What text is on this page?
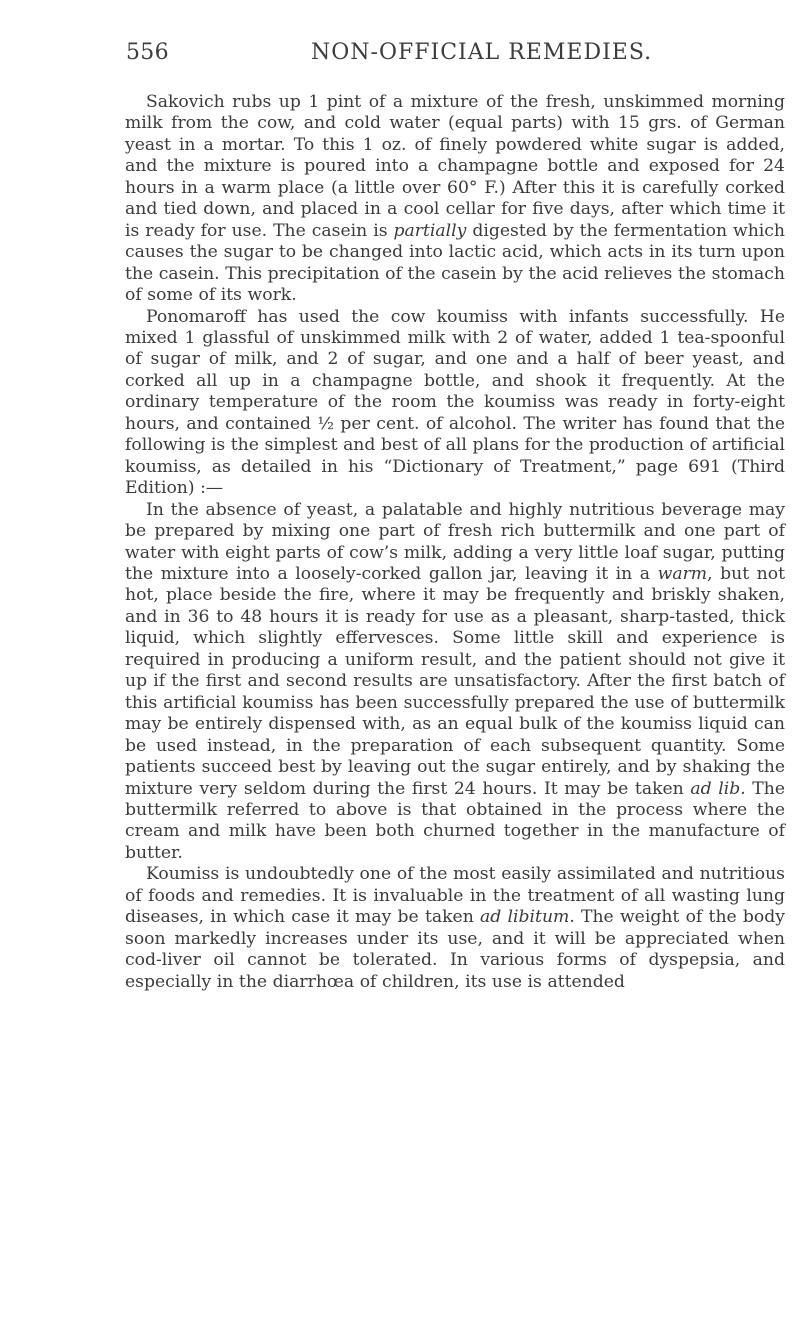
556	NON-OFFICIAL REMEDIES.

Sakovich rubs up 1 pint of a mixture of the fresh, unskimmed morning milk from the cow, and cold water (equal parts) with 15 grs. of German yeast in a mortar. To this 1 oz. of finely powdered white sugar is added, and the mixture is poured into a champagne bottle and exposed for 24 hours in a warm place (a little over 60° F.) After this it is carefully corked and tied down, and placed in a cool cellar for five days, after which time it is ready for use. The casein is partially digested by the fermentation which causes the sugar to be changed into lactic acid, which acts in its turn upon the casein. This precipitation of the casein by the acid relieves the stomach of some of its work.

Ponomaroff has used the cow koumiss with infants successfully. He mixed 1 glassful of unskimmed milk with 2 of water, added 1 tea-spoonful of sugar of milk, and 2 of sugar, and one and a half of beer yeast, and corked all up in a champagne bottle, and shook it frequently. At the ordinary temperature of the room the koumiss was ready in forty-eight hours, and contained ½ per cent. of alcohol. The writer has found that the following is the simplest and best of all plans for the production of artificial koumiss, as detailed in his “Dictionary of Treatment,” page 691 (Third Edition) :—

In the absence of yeast, a palatable and highly nutritious beverage may be prepared by mixing one part of fresh rich buttermilk and one part of water with eight parts of cow’s milk, adding a very little loaf sugar, putting the mixture into a loosely-corked gallon jar, leaving it in a warm, but not hot, place beside the fire, where it may be frequently and briskly shaken, and in 36 to 48 hours it is ready for use as a pleasant, sharp-tasted, thick liquid, which slightly effervesces. Some little skill and experience is required in producing a uniform result, and the patient should not give it up if the first and second results are unsatisfactory. After the first batch of this artificial koumiss has been successfully prepared the use of buttermilk may be entirely dispensed with, as an equal bulk of the koumiss liquid can be used instead, in the preparation of each subsequent quantity. Some patients succeed best by leaving out the sugar entirely, and by shaking the mixture very seldom during the first 24 hours. It may be taken ad lib. The buttermilk referred to above is that obtained in the process where the cream and milk have been both churned together in the manufacture of butter.

Koumiss is undoubtedly one of the most easily assimilated and nutritious of foods and remedies. It is invaluable in the treatment of all wasting lung diseases, in which case it may be taken ad libitum. The weight of the body soon markedly increases under its use, and it will be appreciated when cod-liver oil cannot be tolerated. In various forms of dyspepsia, and especially in the diarrhœa of children, its use is attended
